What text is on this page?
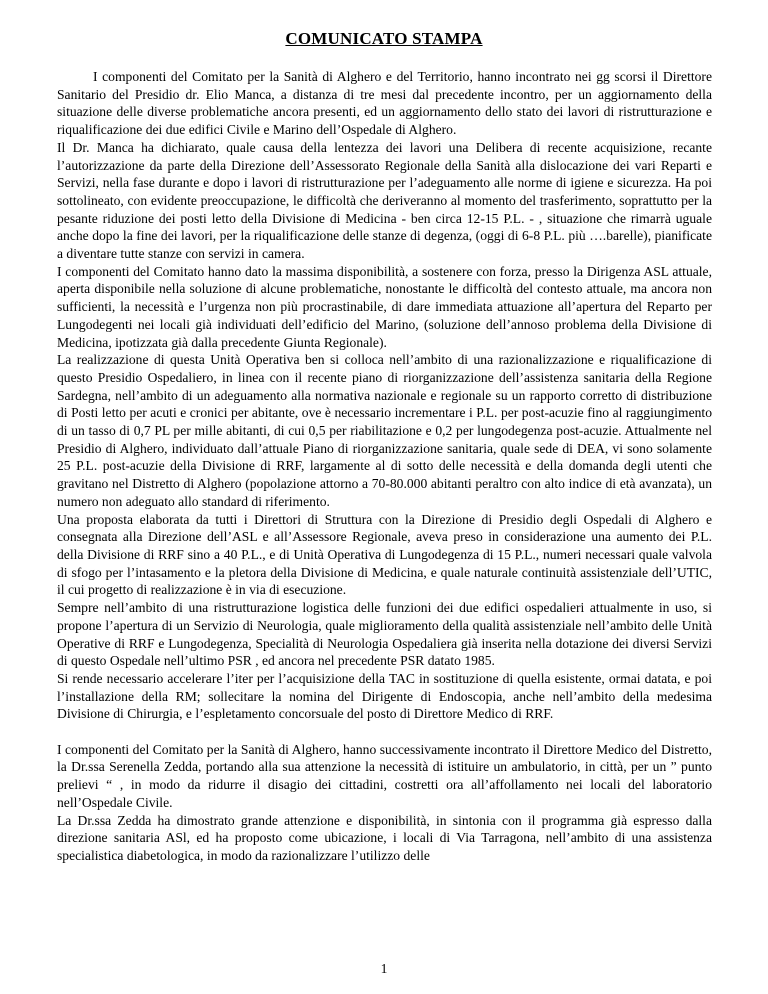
COMUNICATO STAMPA

I componenti del Comitato per la Sanità di Alghero e del Territorio, hanno incontrato nei gg scorsi il Direttore Sanitario del Presidio dr. Elio Manca, a distanza di tre mesi dal precedente incontro, per un aggiornamento della situazione delle diverse problematiche ancora presenti, ed un aggiornamento dello stato dei lavori di ristrutturazione e riqualificazione dei due edifici Civile e Marino dell’Ospedale di Alghero.

Il Dr. Manca ha dichiarato, quale causa della lentezza dei lavori una Delibera di recente acquisizione, recante l’autorizzazione da parte della Direzione dell’Assessorato Regionale della Sanità alla dislocazione dei vari Reparti e Servizi, nella fase durante e dopo i lavori di ristrutturazione per l’adeguamento alle norme di igiene e sicurezza. Ha poi sottolineato, con evidente preoccupazione, le difficoltà che deriveranno al momento del trasferimento, soprattutto per la pesante riduzione dei posti letto della Divisione di Medicina - ben circa 12-15 P.L. - , situazione che rimarrà uguale anche dopo la fine dei lavori, per la riqualificazione delle stanze di degenza, (oggi di 6-8 P.L. più ….barelle), pianificate a diventare tutte stanze con servizi in camera.

I componenti del Comitato hanno dato la massima disponibilità, a sostenere con forza, presso la Dirigenza ASL attuale, aperta disponibile nella soluzione di alcune problematiche, nonostante le difficoltà del contesto attuale, ma ancora non sufficienti, la necessità e l’urgenza non più procrastinabile, di dare immediata attuazione all’apertura del Reparto per Lungodegenti nei locali già individuati dell’edificio del Marino, (soluzione dell’annoso problema della Divisione di Medicina, ipotizzata già dalla precedente Giunta Regionale).

La realizzazione di questa Unità Operativa ben si colloca nell’ambito di una razionalizzazione e riqualificazione di questo Presidio Ospedaliero, in linea con il recente piano di riorganizzazione dell’assistenza sanitaria della Regione Sardegna, nell’ambito di un adeguamento alla normativa nazionale e regionale su un rapporto corretto di distribuzione di Posti letto per acuti e cronici per abitante, ove è necessario incrementare i P.L. per post-acuzie fino al raggiungimento di un tasso di 0,7 PL per mille abitanti, di cui 0,5 per riabilitazione e 0,2 per lungodegenza post-acuzie. Attualmente nel Presidio di Alghero, individuato dall’attuale Piano di riorganizzazione sanitaria, quale sede di DEA, vi sono solamente 25 P.L. post-acuzie della Divisione di RRF, largamente al di sotto delle necessità e della domanda degli utenti che gravitano nel Distretto di Alghero (popolazione attorno a 70-80.000 abitanti peraltro con alto indice di età avanzata), un numero non adeguato allo standard di riferimento.

Una proposta elaborata da tutti i Direttori di Struttura con la Direzione di Presidio degli Ospedali di Alghero e consegnata alla Direzione dell’ASL e all’Assessore Regionale, aveva preso in considerazione una aumento dei P.L. della Divisione di RRF sino a 40 P.L., e di Unità Operativa di Lungodegenza di 15 P.L., numeri necessari quale valvola di sfogo per l’intasamento e la pletora della Divisione di Medicina, e quale naturale continuità assistenziale dell’UTIC, il cui progetto di realizzazione è in via di esecuzione.

Sempre nell’ambito di una ristrutturazione logistica delle funzioni dei due edifici ospedalieri attualmente in uso, si propone l’apertura di un Servizio di Neurologia, quale miglioramento della qualità assistenziale nell’ambito delle Unità Operative di RRF e Lungodegenza, Specialità di Neurologia Ospedaliera già inserita nella dotazione dei diversi Servizi di questo Ospedale nell’ultimo PSR , ed ancora nel precedente PSR datato 1985.

Si rende necessario accelerare l’iter per l’acquisizione della TAC in sostituzione di quella esistente, ormai datata, e poi l’installazione della RM; sollecitare la nomina del Dirigente di Endoscopia, anche nell’ambito della medesima Divisione di Chirurgia, e l’espletamento concorsuale del posto di Direttore Medico di RRF.

I componenti del Comitato per la Sanità di Alghero, hanno successivamente incontrato il Direttore Medico del Distretto, la Dr.ssa Serenella Zedda, portando alla sua attenzione la necessità di istituire un ambulatorio, in città, per un ” punto prelievi “ , in modo da ridurre il disagio dei cittadini, costretti ora all’affollamento nei locali del laboratorio nell’Ospedale Civile.

La Dr.ssa Zedda ha dimostrato grande attenzione e disponibilità, in sintonia con il programma già espresso dalla direzione sanitaria ASl, ed ha proposto come ubicazione, i locali di Via Tarragona, nell’ambito di una assistenza specialistica diabetologica, in modo da razionalizzare l’utilizzo delle

1
